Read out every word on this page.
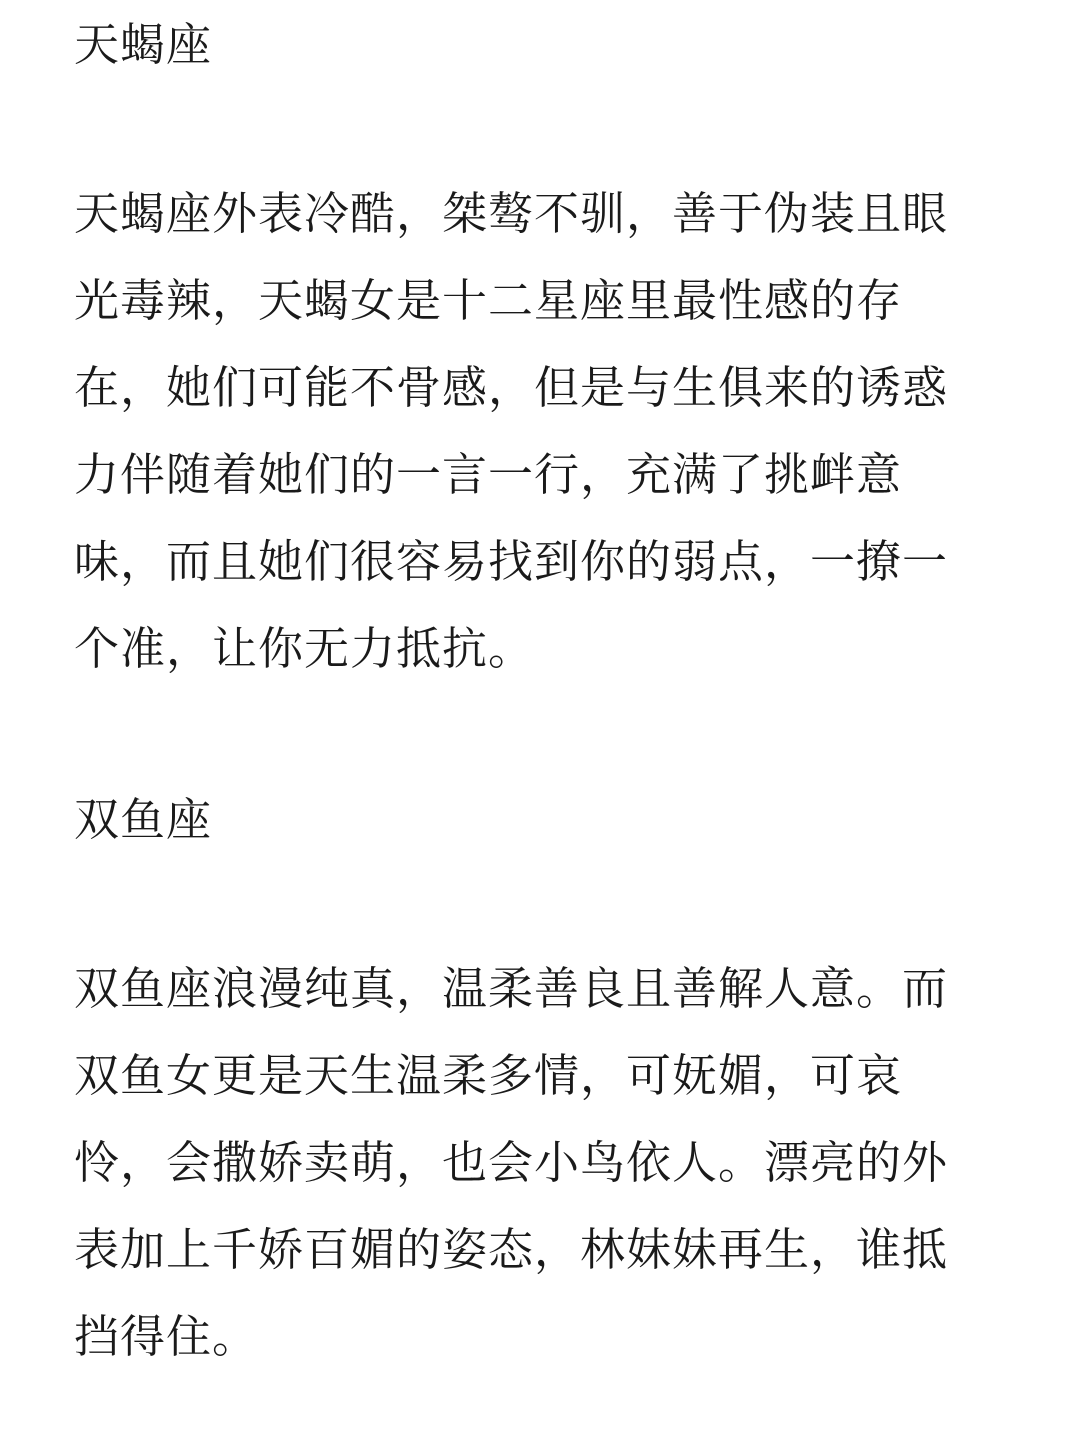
天蝎座
天蝎座外表冷酷，桀骜不驯，善于伪装且眼
光毒辣，天蝎女是十二星座里最性感的存
在，她们可能不骨感，但是与生俱来的诱惑
力伴随着她们的一言一行，充满了挑衅意
味，而且她们很容易找到你的弱点，一撩一
个准，让你无力抵抗。
双鱼座
双鱼座浪漫纯真，温柔善良且善解人意。而
双鱼女更是天生温柔多情，可妩媚，可哀
怜，会撒娇卖萌，也会小鸟依人。漂亮的外
表加上千娇百媚的姿态，林妹妹再生，谁抵
挡得住。
